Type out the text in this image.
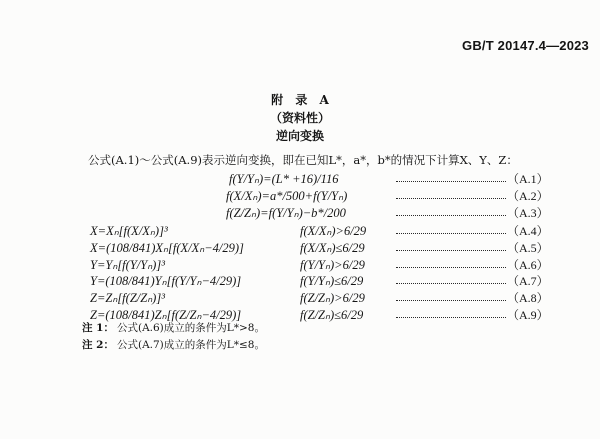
GB/T 20147.4—2023
附 录 A
（资料性）
逆向变换
公式(A.1)～公式(A.9)表示逆向变换，即在已知L*，a*，b*的情况下计算X、Y、Z：
f(Y/Yₙ)=(L* +16)/116	（A.1）
f(X/Xₙ)=a*/500+f(Y/Yₙ)	（A.2）
f(Z/Zₙ)=f(Y/Yₙ)−b*/200	（A.3）
X=Xₙ[f(X/Xₙ)]³	f(X/Xₙ)>6/29	（A.4）
X=(108/841)Xₙ[f(X/Xₙ−4/29)]	f(X/Xₙ)≤6/29	（A.5）
Y=Yₙ[f(Y/Yₙ)]³	f(Y/Yₙ)>6/29	（A.6）
Y=(108/841)Yₙ[f(Y/Yₙ−4/29)]	f(Y/Yₙ)≤6/29	（A.7）
Z=Zₙ[f(Z/Zₙ)]³	f(Z/Zₙ)>6/29	（A.8）
Z=(108/841)Zₙ[f(Z/Zₙ−4/29)]	f(Z/Zₙ)≤6/29	（A.9）
注 1： 公式(A.6)成立的条件为L*>8。
注 2： 公式(A.7)成立的条件为L*≤8。
